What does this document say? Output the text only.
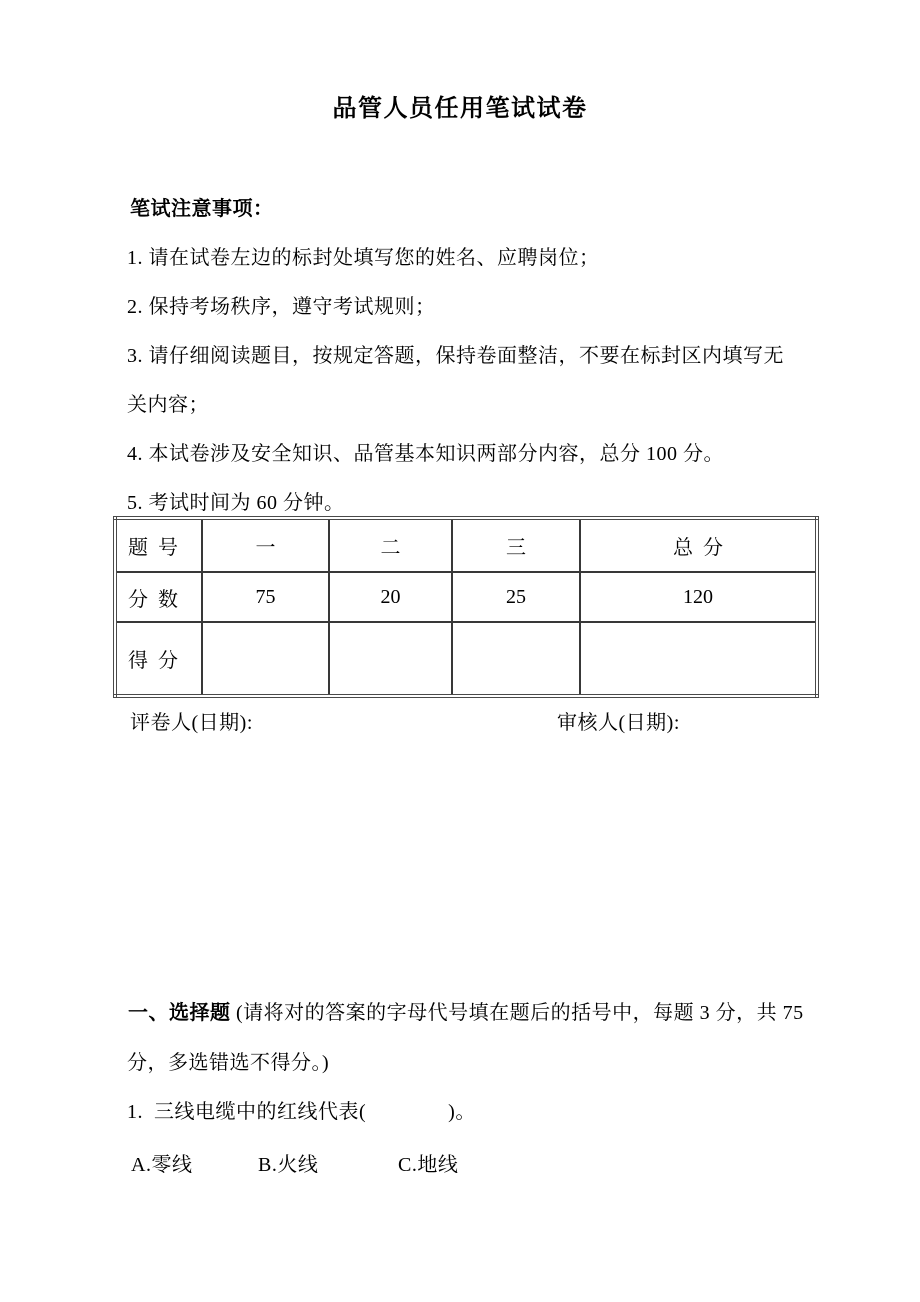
品管人员任用笔试试卷
笔试注意事项：
1. 请在试卷左边的标封处填写您的姓名、应聘岗位；
2. 保持考场秩序，遵守考试规则；
3. 请仔细阅读题目，按规定答题，保持卷面整洁，不要在标封区内填写无
关内容；
4. 本试卷涉及安全知识、品管基本知识两部分内容，总分 100 分。
5. 考试时间为 60 分钟。
题  号	一	二	三	总  分
分  数	75	20	25	120
得  分				
评卷人(日期):	审核人(日期):
一、选择题 (请将对的答案的字母代号填在题后的括号中，每题 3 分，共 75
分，多选错选不得分。)
1.  三线电缆中的红线代表(　　　　)。

A.零线

	B.火线

	C.地线
